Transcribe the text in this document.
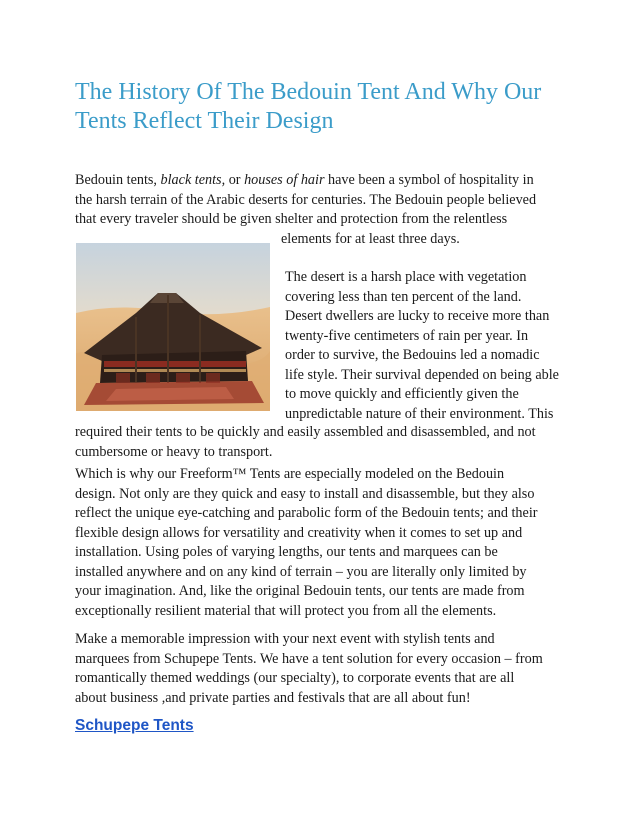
The History Of The Bedouin Tent And Why Our
Tents Reflect Their Design

Bedouin tents, black tents, or houses of hair have been a symbol of hospitality in
the harsh terrain of the Arabic deserts for centuries. The Bedouin people believed
that every traveler should be given shelter and protection from the relentless
elements for at least three days.

The desert is a harsh place with vegetation
covering less than ten percent of the land.
Desert dwellers are lucky to receive more than
twenty-five centimeters of rain per year. In
order to survive, the Bedouins led a nomadic
life style. Their survival depended on being able
to move quickly and efficiently given the
unpredictable nature of their environment. This

required their tents to be quickly and easily assembled and disassembled, and not
cumbersome or heavy to transport.

Which is why our Freeform™ Tents are especially modeled on the Bedouin
design. Not only are they quick and easy to install and disassemble, but they also
reflect the unique eye-catching and parabolic form of the Bedouin tents; and their
flexible design allows for versatility and creativity when it comes to set up and
installation. Using poles of varying lengths, our tents and marquees can be
installed anywhere and on any kind of terrain – you are literally only limited by
your imagination. And, like the original Bedouin tents, our tents are made from
exceptionally resilient material that will protect you from all the elements.

Make a memorable impression with your next event with stylish tents and
marquees from Schupepe Tents. We have a tent solution for every occasion – from
romantically themed weddings (our specialty), to corporate events that are all
about business ,and private parties and festivals that are all about fun!

Schupepe Tents
